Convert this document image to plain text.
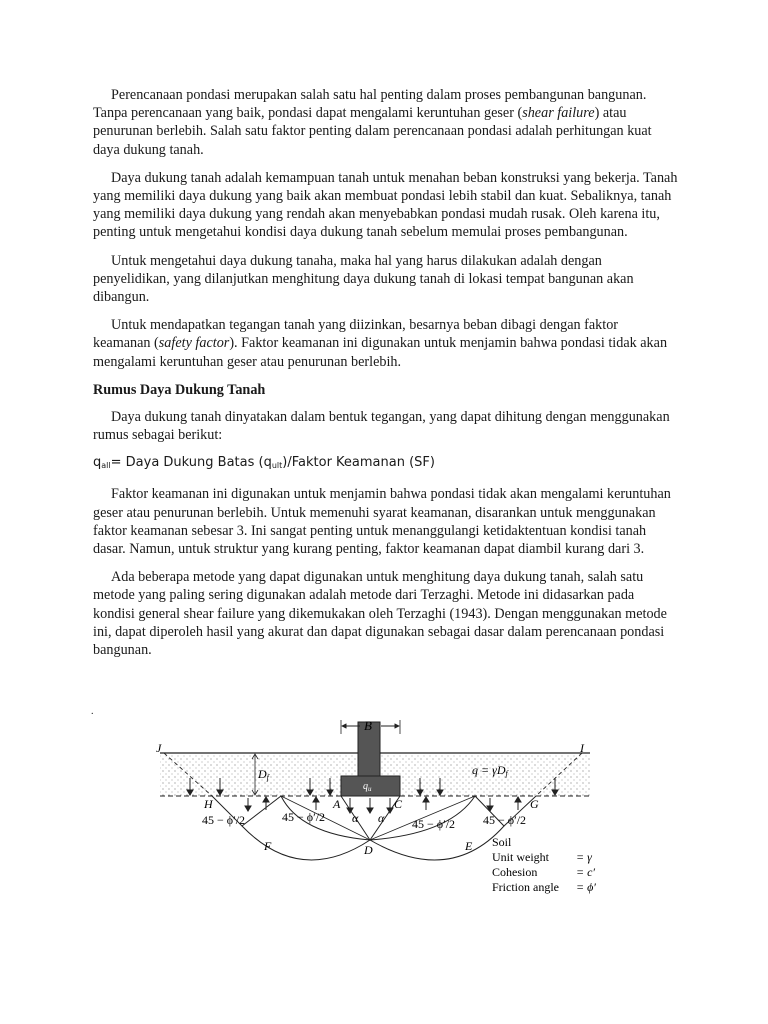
Perencanaan pondasi merupakan salah satu hal penting dalam proses pembangunan bangunan. Tanpa perencanaan yang baik, pondasi dapat mengalami keruntuhan geser (shear failure) atau penurunan berlebih. Salah satu faktor penting dalam perencanaan pondasi adalah perhitungan kuat daya dukung tanah.

Daya dukung tanah adalah kemampuan tanah untuk menahan beban konstruksi yang bekerja. Tanah yang memiliki daya dukung yang baik akan membuat pondasi lebih stabil dan kuat. Sebaliknya, tanah yang memiliki daya dukung yang rendah akan menyebabkan pondasi mudah rusak. Oleh karena itu, penting untuk mengetahui kondisi daya dukung tanah sebelum memulai proses pembangunan.

Untuk mengetahui daya dukung tanaha, maka hal yang harus dilakukan adalah dengan penyelidikan, yang dilanjutkan menghitung daya dukung tanah di lokasi tempat bangunan akan dibangun.

Untuk mendapatkan tegangan tanah yang diizinkan, besarnya beban dibagi dengan faktor keamanan (safety factor). Faktor keamanan ini digunakan untuk menjamin bahwa pondasi tidak akan mengalami keruntuhan geser atau penurunan berlebih.

Rumus Daya Dukung Tanah

Daya dukung tanah dinyatakan dalam bentuk tegangan, yang dapat dihitung dengan menggunakan rumus sebagai berikut:

$q_{all}=$ Daya Dukung Batas $(q_{ult})$/Faktor Keamanan (SF)

Faktor keamanan ini digunakan untuk menjamin bahwa pondasi tidak akan mengalami keruntuhan geser atau penurunan berlebih. Untuk memenuhi syarat keamanan, disarankan untuk menggunakan faktor keamanan sebesar 3. Ini sangat penting untuk menanggulangi ketidaktentuan kondisi tanah dasar. Namun, untuk struktur yang kurang penting, faktor keamanan dapat diambil kurang dari 3.

Ada beberapa metode yang dapat digunakan untuk menghitung daya dukung tanah, salah satu metode yang paling sering digunakan adalah metode dari Terzaghi. Metode ini didasarkan pada kondisi general shear failure yang dikemukakan oleh Terzaghi (1943). Dengan menggunakan metode ini, dapat diperoleh hasil yang akurat dan dapat digunakan sebagai dasar dalam perencanaan pondasi bangunan.

.
$q_u$
B
Df
J	I
q = γDf
H	A	C	G
α α
F	D	E
45 − ϕ′/2	45 − ϕ′/2	45 − ϕ′/2 45 − ϕ′/2
Soil
Unit weight = γ
Cohesion	= c′
Friction angle = ϕ′
